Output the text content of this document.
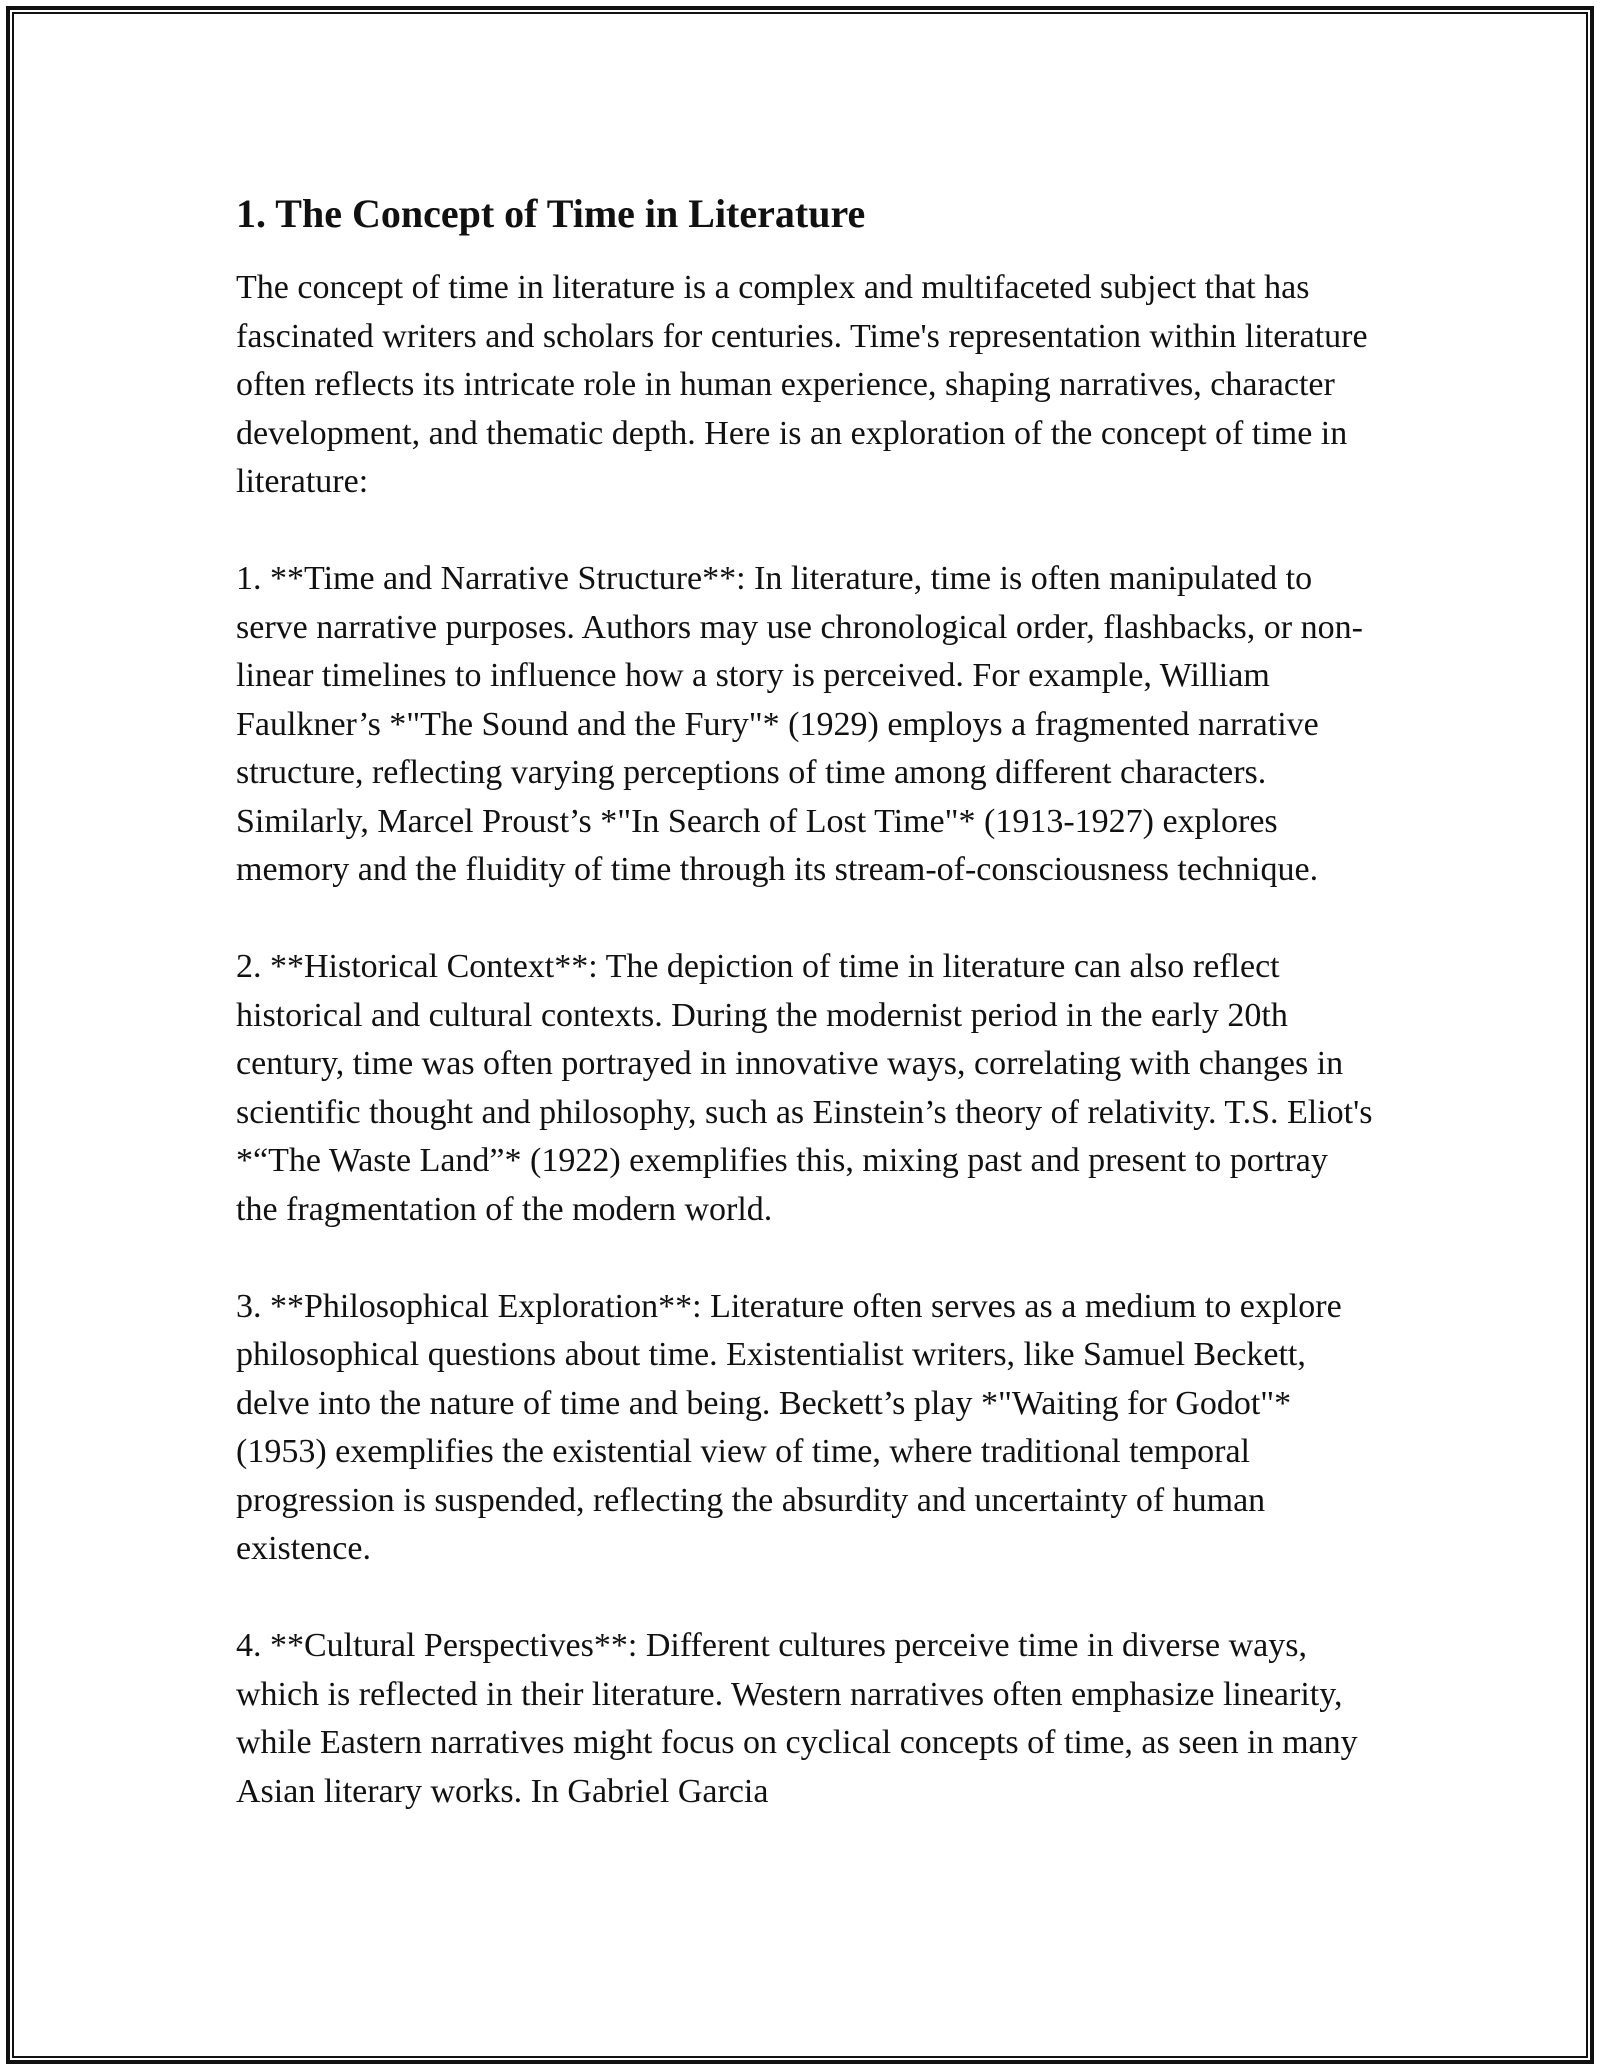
1. The Concept of Time in Literature

The concept of time in literature is a complex and multifaceted subject that has fascinated writers and scholars for centuries. Time's representation within literature often reflects its intricate role in human experience, shaping narratives, character development, and thematic depth. Here is an exploration of the concept of time in literature:

1. **Time and Narrative Structure**: In literature, time is often manipulated to serve narrative purposes. Authors may use chronological order, flashbacks, or non-linear timelines to influence how a story is perceived. For example, William Faulkner’s *"The Sound and the Fury"* (1929) employs a fragmented narrative structure, reflecting varying perceptions of time among different characters. Similarly, Marcel Proust’s *"In Search of Lost Time"* (1913-1927) explores memory and the fluidity of time through its stream-of-consciousness technique.

2. **Historical Context**: The depiction of time in literature can also reflect historical and cultural contexts. During the modernist period in the early 20th century, time was often portrayed in innovative ways, correlating with changes in scientific thought and philosophy, such as Einstein’s theory of relativity. T.S. Eliot's *“The Waste Land”* (1922) exemplifies this, mixing past and present to portray the fragmentation of the modern world.

3. **Philosophical Exploration**: Literature often serves as a medium to explore philosophical questions about time. Existentialist writers, like Samuel Beckett, delve into the nature of time and being. Beckett’s play *"Waiting for Godot"* (1953) exemplifies the existential view of time, where traditional temporal progression is suspended, reflecting the absurdity and uncertainty of human existence.

4. **Cultural Perspectives**: Different cultures perceive time in diverse ways, which is reflected in their literature. Western narratives often emphasize linearity, while Eastern narratives might focus on cyclical concepts of time, as seen in many Asian literary works. In Gabriel Garcia
